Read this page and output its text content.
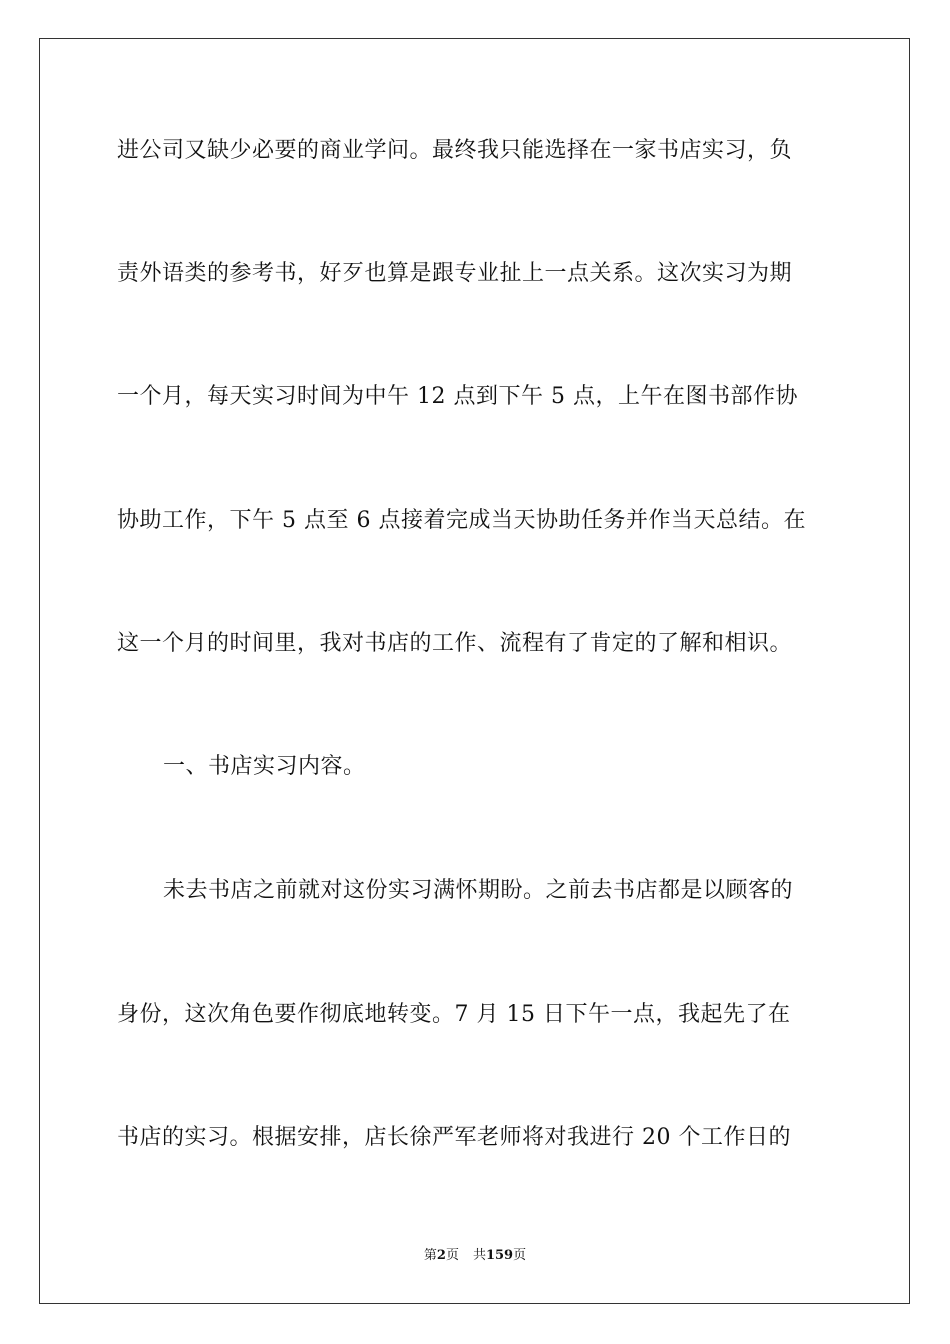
进公司又缺少必要的商业学问。最终我只能选择在一家书店实习，负
责外语类的参考书，好歹也算是跟专业扯上一点关系。这次实习为期
一个月，每天实习时间为中午 12 点到下午 5 点，上午在图书部作协
协助工作，下午 5 点至 6 点接着完成当天协助任务并作当天总结。在
这一个月的时间里，我对书店的工作、流程有了肯定的了解和相识。
一、书店实习内容。
未去书店之前就对这份实习满怀期盼。之前去书店都是以顾客的
身份，这次角色要作彻底地转变。7 月 15 日下午一点，我起先了在
书店的实习。根据安排，店长徐严军老师将对我进行 20 个工作日的
第2页 共159页
